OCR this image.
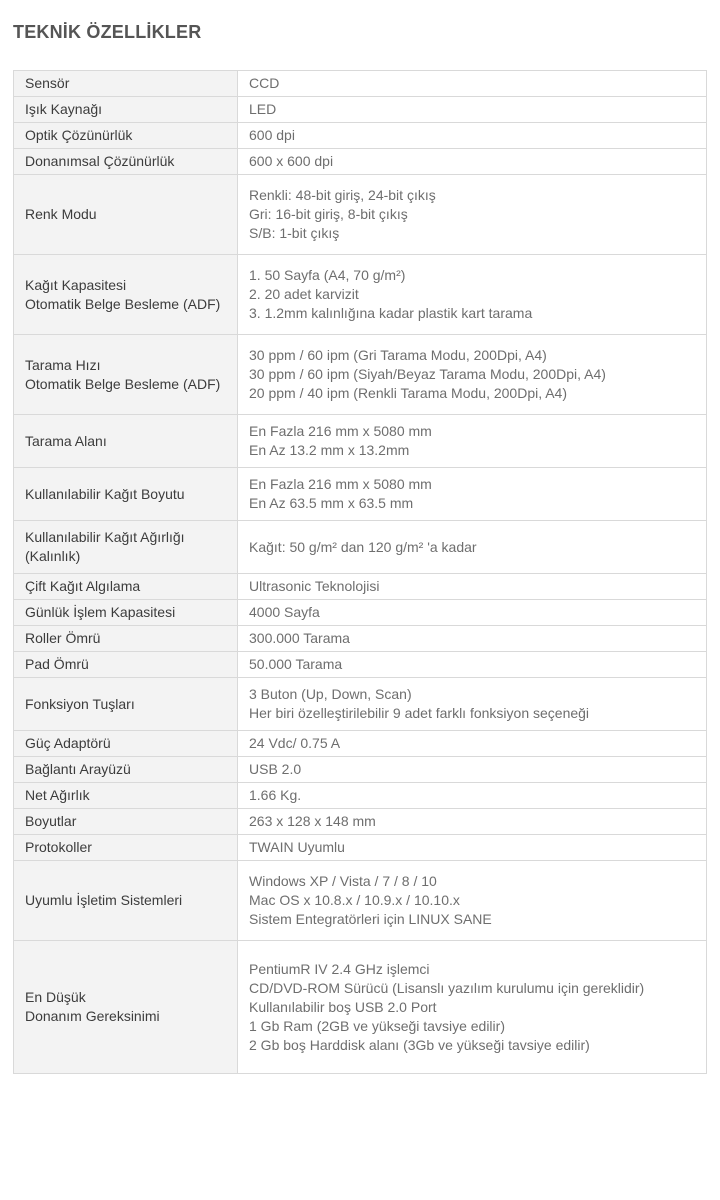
TEKNİK ÖZELLİKLER
Sensör	CCD

Işık Kaynağı	LED

Optik Çözünürlük	600 dpi

Donanımsal Çözünürlük	600 x 600 dpi

Renk Modu	Renkli: 48-bit giriş, 24-bit çıkış
Gri: 16-bit giriş, 8-bit çıkış
S/B: 1-bit çıkış

Kağıt Kapasitesi
Otomatik Belge Besleme (ADF)	1. 50 Sayfa (A4, 70 g/m²)
2. 20 adet karvizit
3. 1.2mm kalınlığına kadar plastik kart tarama

Tarama Hızı
Otomatik Belge Besleme (ADF)	30 ppm / 60 ipm (Gri Tarama Modu, 200Dpi, A4)
30 ppm / 60 ipm (Siyah/Beyaz Tarama Modu, 200Dpi, A4)
20 ppm / 40 ipm (Renkli Tarama Modu, 200Dpi, A4)

Tarama Alanı	En Fazla 216 mm x 5080 mm
En Az 13.2 mm x 13.2mm

Kullanılabilir Kağıt Boyutu	En Fazla 216 mm x 5080 mm
En Az 63.5 mm x 63.5 mm

Kullanılabilir Kağıt Ağırlığı
(Kalınlık)	Kağıt: 50 g/m² dan 120 g/m² 'a kadar

Çift Kağıt Algılama	Ultrasonic Teknolojisi

Günlük İşlem Kapasitesi	4000 Sayfa

Roller Ömrü	300.000 Tarama

Pad Ömrü	50.000 Tarama

Fonksiyon Tuşları	3 Buton (Up, Down, Scan)
Her biri özelleştirilebilir 9 adet farklı fonksiyon seçeneği

Güç Adaptörü	24 Vdc/ 0.75 A

Bağlantı Arayüzü	USB 2.0

Net Ağırlık	1.66 Kg.

Boyutlar	263 x 128 x 148 mm

Protokoller	TWAIN Uyumlu

Uyumlu İşletim Sistemleri	Windows XP / Vista / 7 / 8 / 10
Mac OS x 10.8.x / 10.9.x / 10.10.x
Sistem Entegratörleri için LINUX SANE

En Düşük
Donanım Gereksinimi	PentiumR IV 2.4 GHz işlemci
CD/DVD-ROM Sürücü (Lisanslı yazılım kurulumu için gereklidir)
Kullanılabilir boş USB 2.0 Port
1 Gb Ram (2GB ve yükseği tavsiye edilir)
2 Gb boş Harddisk alanı (3Gb ve yükseği tavsiye edilir)
